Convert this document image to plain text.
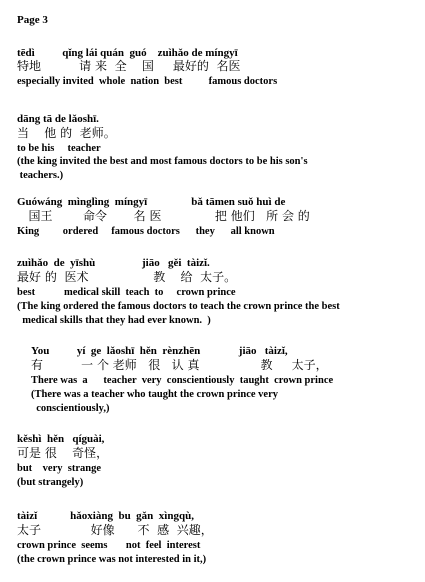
Page 3
tēdì          qǐng lái quán  guó    zuìhǎo de míngyī
特地          请 来  全    国     最好的  名医
especially invited  whole  nation  best          famous doctors
dāng tā de lǎoshī.
当    他 的  老师。
to be his     teacher
(the king invited the best and most famous doctors to be his son's
teachers.)
Guówáng  mìnglìng  míngyī                bǎ tāmen suǒ huì de
国王        命令       名 医              把 他们   所 会 的
King         ordered     famous doctors      they      all known
zuìhǎo  de  yīshù                 jiāo   gěi  tàizǐ.
最好 的  医术                 教    给  太子。
best           medical skill  teach  to     crown prince
(The king ordered the famous doctors to teach the crown prince the best
medical skills that they had ever known.  )
You          yí  ge  lǎoshī  hěn  rènzhēn              jiāo   tàizǐ,
有          一 个 老师   很   认 真                教     太子，
There was  a      teacher  very  conscientiously  taught  crown prince
(There was a teacher who taught the crown prince very
conscientiously,)
kěshì  hěn   qíguài,
可是 很    奇怪，
but    very  strange
(but strangely)
tàizǐ            hǎoxiàng  bu  gǎn  xìngqù,
太子             好像      不  感  兴趣，
crown prince  seems       not  feel  interest
(the crown prince was not interested in it,)
